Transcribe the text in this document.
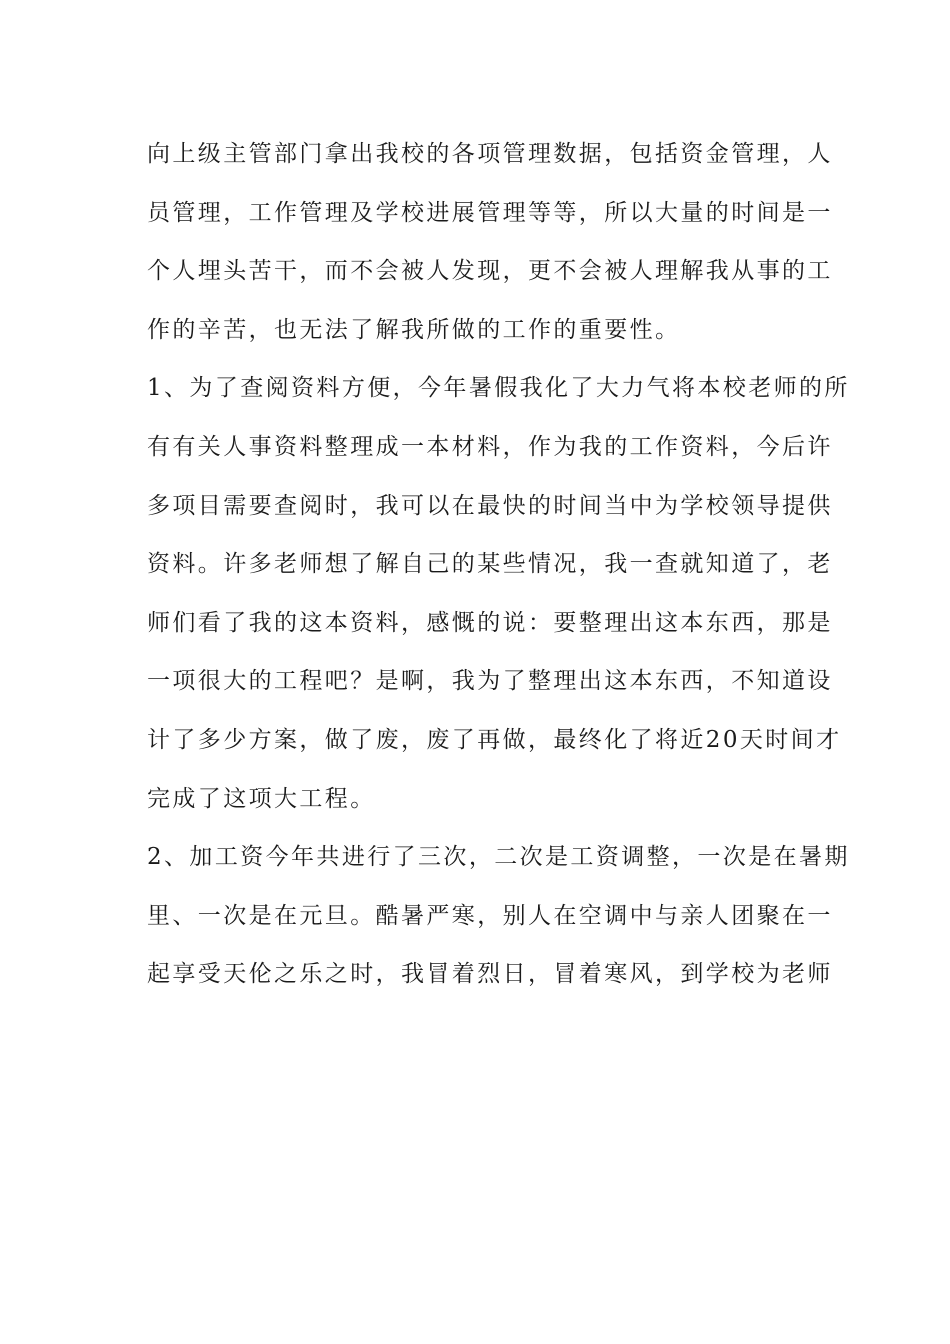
向上级主管部门拿出我校的各项管理数据，包括资金管理，人
员管理，工作管理及学校进展管理等等，所以大量的时间是一
个人埋头苦干，而不会被人发现，更不会被人理解我从事的工
作的辛苦，也无法了解我所做的工作的重要性。
1、为了查阅资料方便，今年暑假我化了大力气将本校老师的所
有有关人事资料整理成一本材料，作为我的工作资料，今后许
多项目需要查阅时，我可以在最快的时间当中为学校领导提供
资料。许多老师想了解自己的某些情况，我一查就知道了，老
师们看了我的这本资料，感慨的说：要整理出这本东西，那是
一项很大的工程吧？是啊，我为了整理出这本东西，不知道设
计了多少方案，做了废，废了再做，最终化了将近20天时间才
完成了这项大工程。
2、加工资今年共进行了三次，二次是工资调整，一次是在暑期
里、一次是在元旦。酷暑严寒，别人在空调中与亲人团聚在一
起享受天伦之乐之时，我冒着烈日，冒着寒风，到学校为老师
